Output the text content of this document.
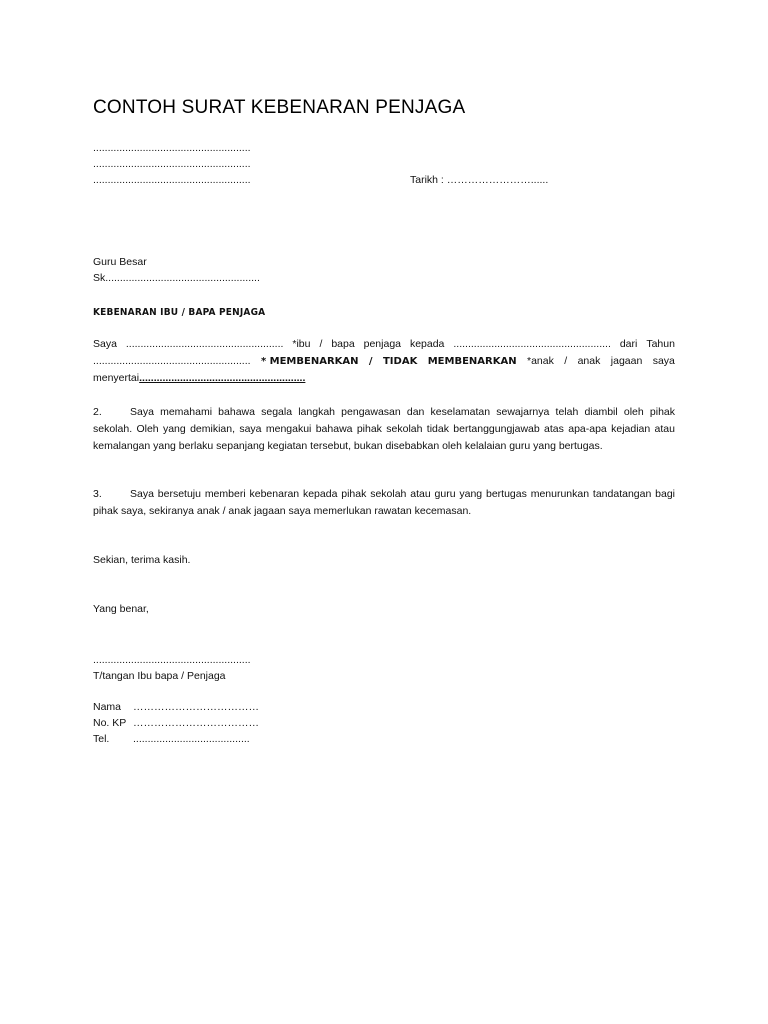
CONTOH SURAT KEBENARAN PENJAGA
......................................................
......................................................
......................................................	Tarikh : ……………………......
Guru Besar
Sk.....................................................
KEBENARAN IBU / BAPA PENJAGA
Saya ...................................................... *ibu / bapa penjaga kepada ...................................................... dari Tahun
...................................................... * MEMBENARKAN / TIDAK MEMBENARKAN *anak / anak jagaan saya
menyertai.........................................................
2.	Saya memahami bahawa segala langkah pengawasan dan keselamatan sewajarnya telah diambil oleh pihak sekolah. Oleh yang demikian, saya mengakui bahawa pihak sekolah tidak bertanggungjawab atas apa-apa kejadian atau kemalangan yang berlaku sepanjang kegiatan tersebut, bukan disebabkan oleh kelalaian guru yang bertugas.
3.	Saya bersetuju memberi kebenaran kepada pihak sekolah atau guru yang bertugas menurunkan tandatangan bagi pihak saya, sekiranya anak / anak jagaan saya memerlukan rawatan kecemasan.
Sekian, terima kasih.
Yang benar,
......................................................
T/tangan Ibu bapa / Penjaga
Nama ………………………………
No. KP ………………………………
Tel. ........................................
